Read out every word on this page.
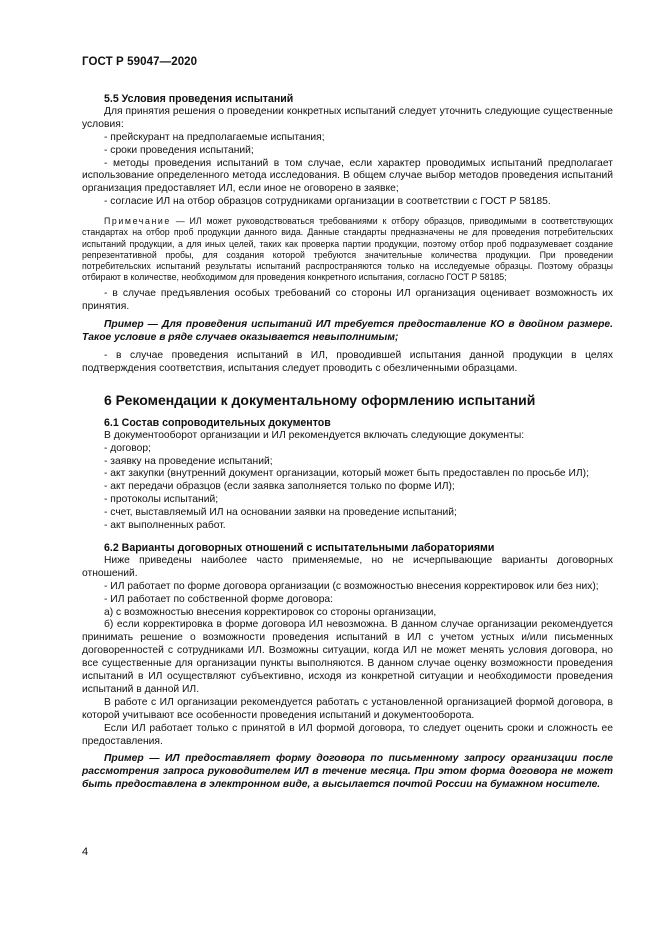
ГОСТ Р 59047—2020

5.5 Условия проведения испытаний

Для принятия решения о проведении конкретных испытаний следует уточнить следующие существенные условия:

- прейскурант на предполагаемые испытания;

- сроки проведения испытаний;

- методы проведения испытаний в том случае, если характер проводимых испытаний предполагает использование определенного метода исследования. В общем случае выбор методов проведения испытаний организация предоставляет ИЛ, если иное не оговорено в заявке;

- согласие ИЛ на отбор образцов сотрудниками организации в соответствии с ГОСТ Р 58185.

Примечание — ИЛ может руководствоваться требованиями к отбору образцов, приводимыми в соответствующих стандартах на отбор проб продукции данного вида. Данные стандарты предназначены не для проведения потребительских испытаний продукции, а для иных целей, таких как проверка партии продукции, поэтому отбор проб подразумевает создание репрезентативной пробы, для создания которой требуются значительные количества продукции. При проведении потребительских испытаний результаты испытаний распространяются только на исследуемые образцы. Поэтому образцы отбирают в количестве, необходимом для проведения конкретного испытания, согласно ГОСТ Р 58185;

- в случае предъявления особых требований со стороны ИЛ организация оценивает возможность их принятия.

Пример — Для проведения испытаний ИЛ требуется предоставление КО в двойном размере. Такое условие в ряде случаев оказывается невыполнимым;

- в случае проведения испытаний в ИЛ, проводившей испытания данной продукции в целях подтверждения соответствия, испытания следует проводить с обезличенными образцами.

6 Рекомендации к документальному оформлению испытаний

6.1 Состав сопроводительных документов

В документооборот организации и ИЛ рекомендуется включать следующие документы:

- договор;

- заявку на проведение испытаний;

- акт закупки (внутренний документ организации, который может быть предоставлен по просьбе ИЛ);

- акт передачи образцов (если заявка заполняется только по форме ИЛ);

- протоколы испытаний;

- счет, выставляемый ИЛ на основании заявки на проведение испытаний;

- акт выполненных работ.

6.2 Варианты договорных отношений с испытательными лабораториями

Ниже приведены наиболее часто применяемые, но не исчерпывающие варианты договорных отношений.

- ИЛ работает по форме договора организации (с возможностью внесения корректировок или без них);

- ИЛ работает по собственной форме договора:

а) с возможностью внесения корректировок со стороны организации,

б) если корректировка в форме договора ИЛ невозможна. В данном случае организации рекомендуется принимать решение о возможности проведения испытаний в ИЛ с учетом устных и/или письменных договоренностей с сотрудниками ИЛ. Возможны ситуации, когда ИЛ не может менять условия договора, но все существенные для организации пункты выполняются. В данном случае оценку возможности проведения испытаний в ИЛ осуществляют субъективно, исходя из конкретной ситуации и необходимости проведения испытаний в данной ИЛ.

В работе с ИЛ организации рекомендуется работать с установленной организацией формой договора, в которой учитывают все особенности проведения испытаний и документооборота.

Если ИЛ работает только с принятой в ИЛ формой договора, то следует оценить сроки и сложность ее предоставления.

Пример — ИЛ предоставляет форму договора по письменному запросу организации после рассмотрения запроса руководителем ИЛ в течение месяца. При этом форма договора не может быть предоставлена в электронном виде, а высылается почтой России на бумажном носителе.

4
